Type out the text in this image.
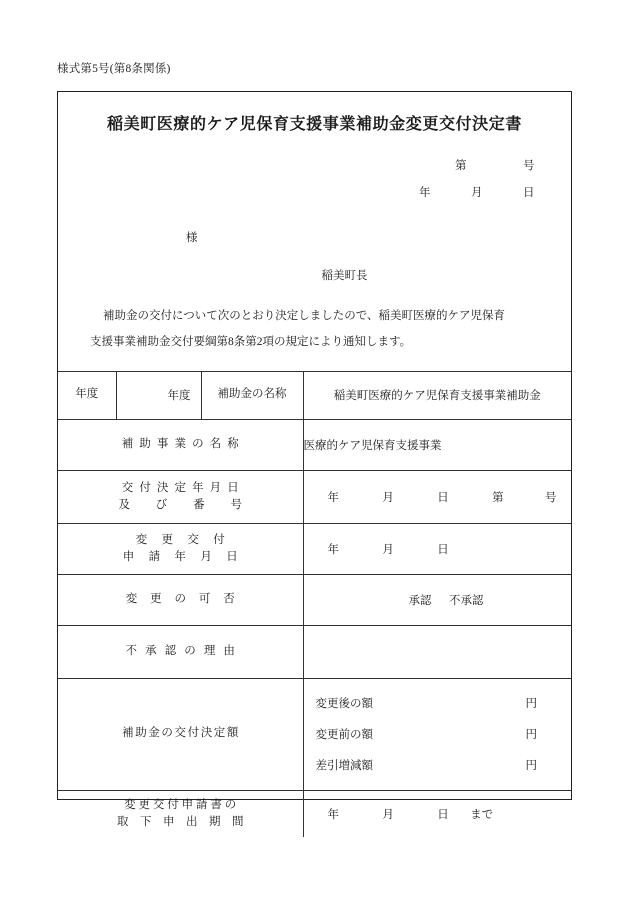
様式第5号(第8条関係)
稲美町医療的ケア児保育支援事業補助金変更交付決定書
第	号
年	月	日
様
稲美町長
補助金の交付について次のとおり決定しましたので、稲美町医療的ケア児保育
支援事業補助金交付要綱第8条第2項の規定により通知します。
年度	年度	補助金の名称	稲美町医療的ケア児保育支援事業補助金
補 助 事 業 の 名 称			医療的ケア児保育支援事業

交 付 決 定 年 月 日
及　　 び　 　番　 　号			年 月 日 第 号

変　 更　 交　 付
申　 請　 年　 月　 日			年 月 日

変 更 の 可 否			承認 不承認
不 承 認 の 理 由			
補助金の交付決定額	
変更後の額	円
変更前の額	円
差引増減額	円

変 更 交 付 申 請 書 の
取　下　申　出　期　間			年 月 日 まで
